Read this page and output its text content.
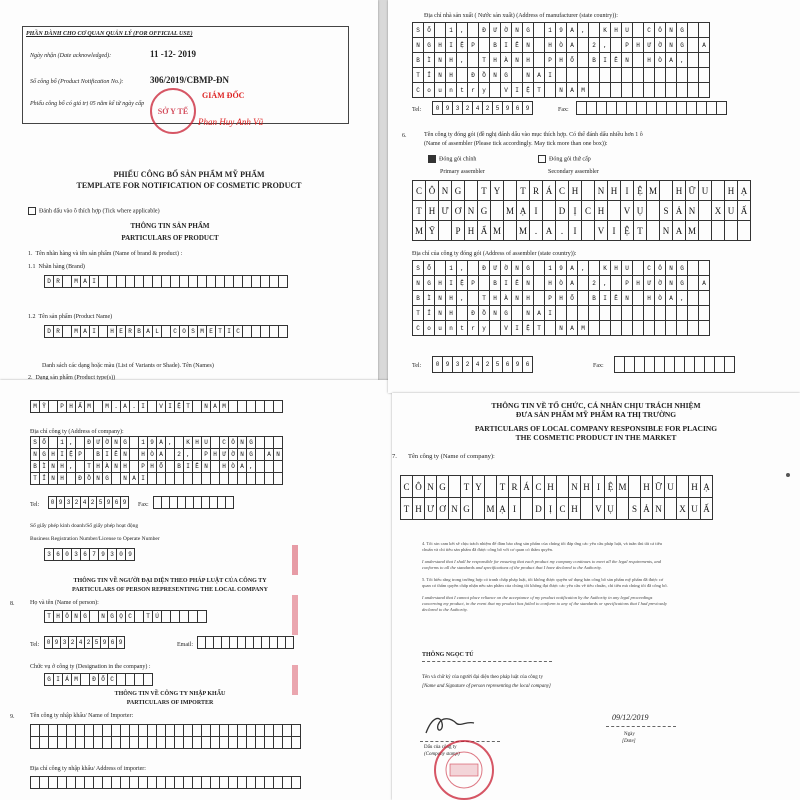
PHẦN DÀNH CHO CƠ QUAN QUẢN LÝ (FOR OFFICIAL USE)
Ngày nhận (Date acknowledged):	11 -12- 2019
Số công bố (Product Notification No.):	306/2019/CBMP-ĐN
Phiếu công bố có giá trị 05 năm kể từ ngày cấp
SỞ Y TẾ
GIÁM ĐỐC
Phan Huy Anh Vũ
PHIẾU CÔNG BỐ SẢN PHẨM MỸ PHẨM
TEMPLATE FOR NOTIFICATION OF COSMETIC PRODUCT
Đánh dấu vào ô thích hợp (Tick where applicable)
THÔNG TIN SẢN PHẨM
PARTICULARS OF PRODUCT
1.  Tên nhãn hàng và tên sản phẩm (Name of brand & product) :
1.1  Nhãn hàng (Brand)
D R	M A I
1.2  Tên sản phẩm (Product Name)
D R	M A I	H E R B A L	C O S M E T I C
Danh sách các dạng hoặc màu (List of Variants or Shade). Tên (Names)
2.  Dạng sản phẩm (Product type(s))
M Ỹ	P H Ẩ M	M . A . I	V I Ệ T	N A M
Địa chỉ công ty (Address of company):
S Ố	1 ,	Đ Ư Ờ N G	1 9 A ,	K H U	C Ô N G
N G H I Ệ P	B I Ê N	H Ò A	2 ,	P H Ư Ờ N G	A N
B Ì N H ,	T H À N H	P H Ố	B I Ê N	H Ò A ,
T Ỉ N H	Đ Ồ N G	N A I
Tel: 0 9 3 2 4 2 5 9 6 9	Fax:
Số giấy phép kinh doanh/Số giấy phép hoạt động
Business Registration Number/License to Operate Number
3 6 0 3 6 7 9 3 0 9
THÔNG TIN VỀ NGƯỜI ĐẠI DIỆN THEO PHÁP LUẬT CỦA CÔNG TY
PARTICULARS OF PERSON REPRESENTING THE LOCAL COMPANY
8.	Họ và tên (Name of person):
T H Ô N G	N G Ọ C	T Ú
Tel: 0 9 3 2 4 2 5 9 6 9	Email:
Chức vụ ở công ty (Designation in the company) :
G I Á M	Đ Ố C
THÔNG TIN VỀ CÔNG TY NHẬP KHẨU
PARTICULARS OF IMPORTER
9.	Tên công ty nhập khẩu/ Name of Importer:
Địa chỉ công ty nhập khẩu/ Address of importer:
Địa chỉ nhà sản xuất ( Nước sản xuất) (Address of manufacturer (state country)):
S	Ố	1	,	Đ	Ư	Ờ	N	G	1	9	A	,	K	H	U	C	Ô	N	G
N	G	H	I	Ệ	P	B	I	Ê	N	H	Ò	A	2	,	P	H	Ư	Ờ	N	G	A
B	Ì	N	H	,	T	H	À	N	H	P	H	Ố	B	I	Ê	N	H	Ò	A	,
T	Ỉ	N	H	Đ	Ồ	N	G	N	A	I
C	o	u	n	t	r	y	V	I	Ệ	T	N	A	M
Tel:	0	9	3	2	4	2	5	9	6	9	Fax:
6.	Tên công ty đóng gói (đề nghị đánh dấu vào mục thích hợp. Có thể đánh dấu nhiều hơn 1 ô
(Name of assembler (Please tick accordingly. May tick more than one box)):
Đóng gói chính	Đóng gói thứ cấp
Primary assembler	Secondary assembler
C Ô N G	T Y	T R Á C H	N H I Ệ M	H Ữ U	H Ạ
T H Ư Ơ N G	M Ạ I	D Ị C H	V Ụ	S Ả N	X U Ấ
M Ỹ	P H Ẩ M	M . A .	I	V I Ệ T	N A M
Địa chỉ của công ty đóng gói (Address of assembler (state country)):
S	Ố	1	,	Đ	Ư	Ờ	N	G	1	9	A	,	K	H	U	C	Ô	N	G
N	G	H	I	Ệ	P	B	I	Ê	N	H	Ò	A	2	,	P	H	Ư	Ờ	N	G	A
B	Ì	N	H	,	T	H	À	N	H	P	H	Ố	B	I	Ê	N	H	Ò	A	,
T	Ỉ	N	H	Đ	Ồ	N	G	N	A	I
C	o	u	n	t	r	y	V	I	Ệ	T	N	A	M
Tel:	0	9	3	2	4	2	5	6	9	6	Fax:
THÔNG TIN VỀ TỔ CHỨC, CÁ NHÂN CHỊU TRÁCH NHIỆM
ĐƯA SẢN PHẨM MỸ PHẨM RA THỊ TRƯỜNG
PARTICULARS OF LOCAL COMPANY RESPONSIBLE FOR PLACING
THE COSMETIC PRODUCT IN THE MARKET
7. Tên công ty (Name of company):
C Ô N G	T Y	T R Á C H	N H I Ệ M H Ữ U	H Ạ
T H Ư Ơ N G	M Ạ I	D Ị C H	V Ụ	S Ả N	X U Ấ
4. Tôi xin cam kết sẽ chịu trách nhiệm để đảm bảo rằng sản phẩm của chúng tôi đáp ứng các yêu cầu pháp luật, và tuân thủ tất cả tiêu chuẩn và chỉ tiêu sản phẩm đã được công bố với cơ quan có thẩm quyền.
I understand that I shall be responsible for ensuring that each product my company continues to meet all the legal requirements, and conforms to all the standards and specifications of the product that I have declared to the Authority.
5. Tôi hiểu rằng trong trường hợp có tranh chấp pháp luật, tôi không được quyền sử dụng bản công bố sản phẩm mỹ phẩm đã được cơ quan có thẩm quyền chấp nhận nếu sản phẩm của chúng tôi không đạt được các yêu cầu về tiêu chuẩn, chỉ tiêu mà chúng tôi đã công bố.
I understand that I cannot place reliance on the acceptance of my product notification by the Authority in any legal proceedings concerning my product, in the event that my product has failed to conform to any of the standards or specifications that I had previously declared to the Authority.
THÔNG NGỌC TÚ
Tên và chữ ký của người đại diện theo pháp luật của công ty
[Name and Signature of person representing the local company]
09/12/2019
Ngày
[Date]
Dấu của công ty
(Company stamp)
